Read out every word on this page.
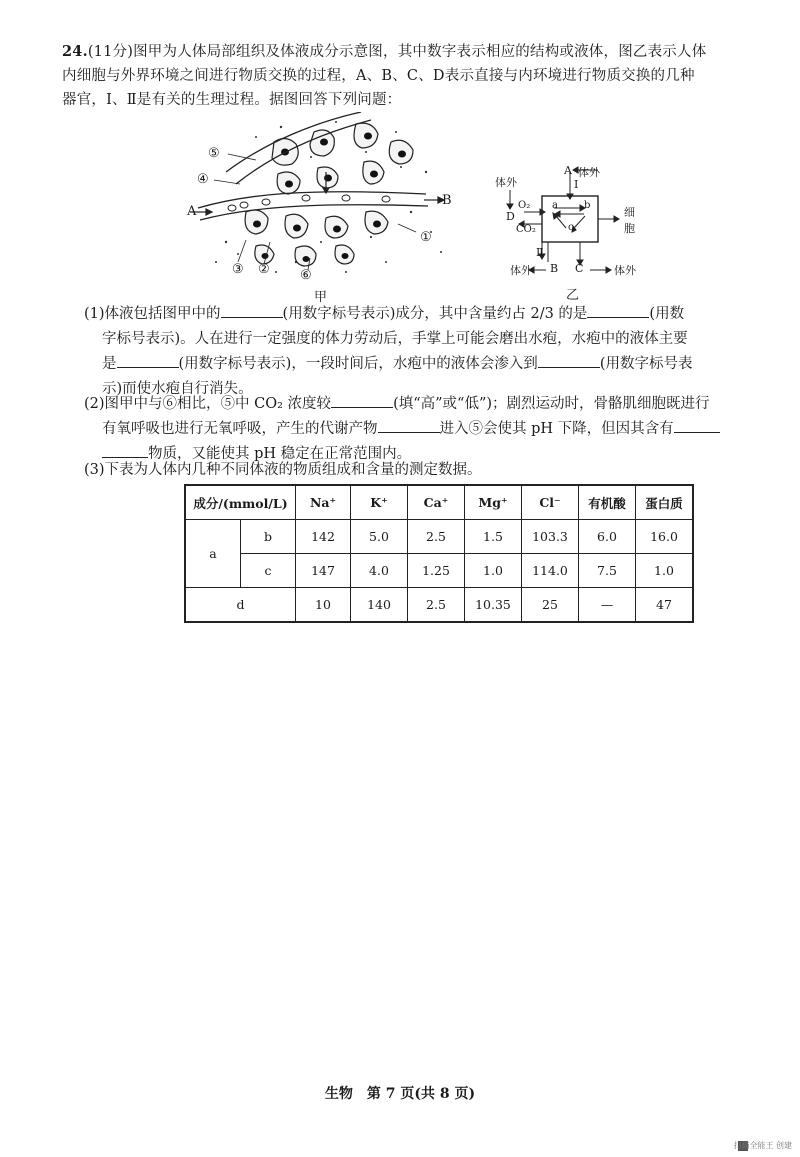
24.(11分)图甲为人体局部组织及体液成分示意图，其中数字表示相应的结构或液体，图乙表示人体
内细胞与外界环境之间进行物质交换的过程，A、B、C、D表示直接与内环境进行物质交换的几种
器官，Ⅰ、Ⅱ是有关的生理过程。据图回答下列问题：
⑤
④
A
B
①
③ ② ⑥
甲
A 体外
Ⅰ
体外
D
O₂
CO₂
a	b
c
细
胞
Ⅱ
体外 B C	体外
乙
(1)体液包括图甲中的	(用数字标号表示)成分，其中含量约占 2/3 的是	(用数
字标号表示)。人在进行一定强度的体力劳动后，手掌上可能会磨出水疱，水疱中的液体主要
是	(用数字标号表示)，一段时间后，水疱中的液体会渗入到	(用数字标号表
示)而使水疱自行消失。
(2)图甲中与⑥相比，⑤中 CO₂ 浓度较	(填“高”或“低”)；剧烈运动时，骨骼肌细胞既进行
有氧呼吸也进行无氧呼吸，产生的代谢产物	进入⑤会使其 pH 下降，但因其含有
物质，又能使其 pH 稳定在正常范围内。
(3)下表为人体内几种不同体液的物质组成和含量的测定数据。
成分/(mmol/L)		Na⁺	K⁺	Ca⁺	Mg⁺	Cl⁻	有机酸	蛋白质
a	b	142	5.0	2.5	1.5	103.3	6.0	16.0
	c	147	4.0	1.25	1.0	114.0	7.5	1.0
d		10	140	2.5	10.35	25	—	47
生物　第 7 页(共 8 页)
扫描全能王 创建
